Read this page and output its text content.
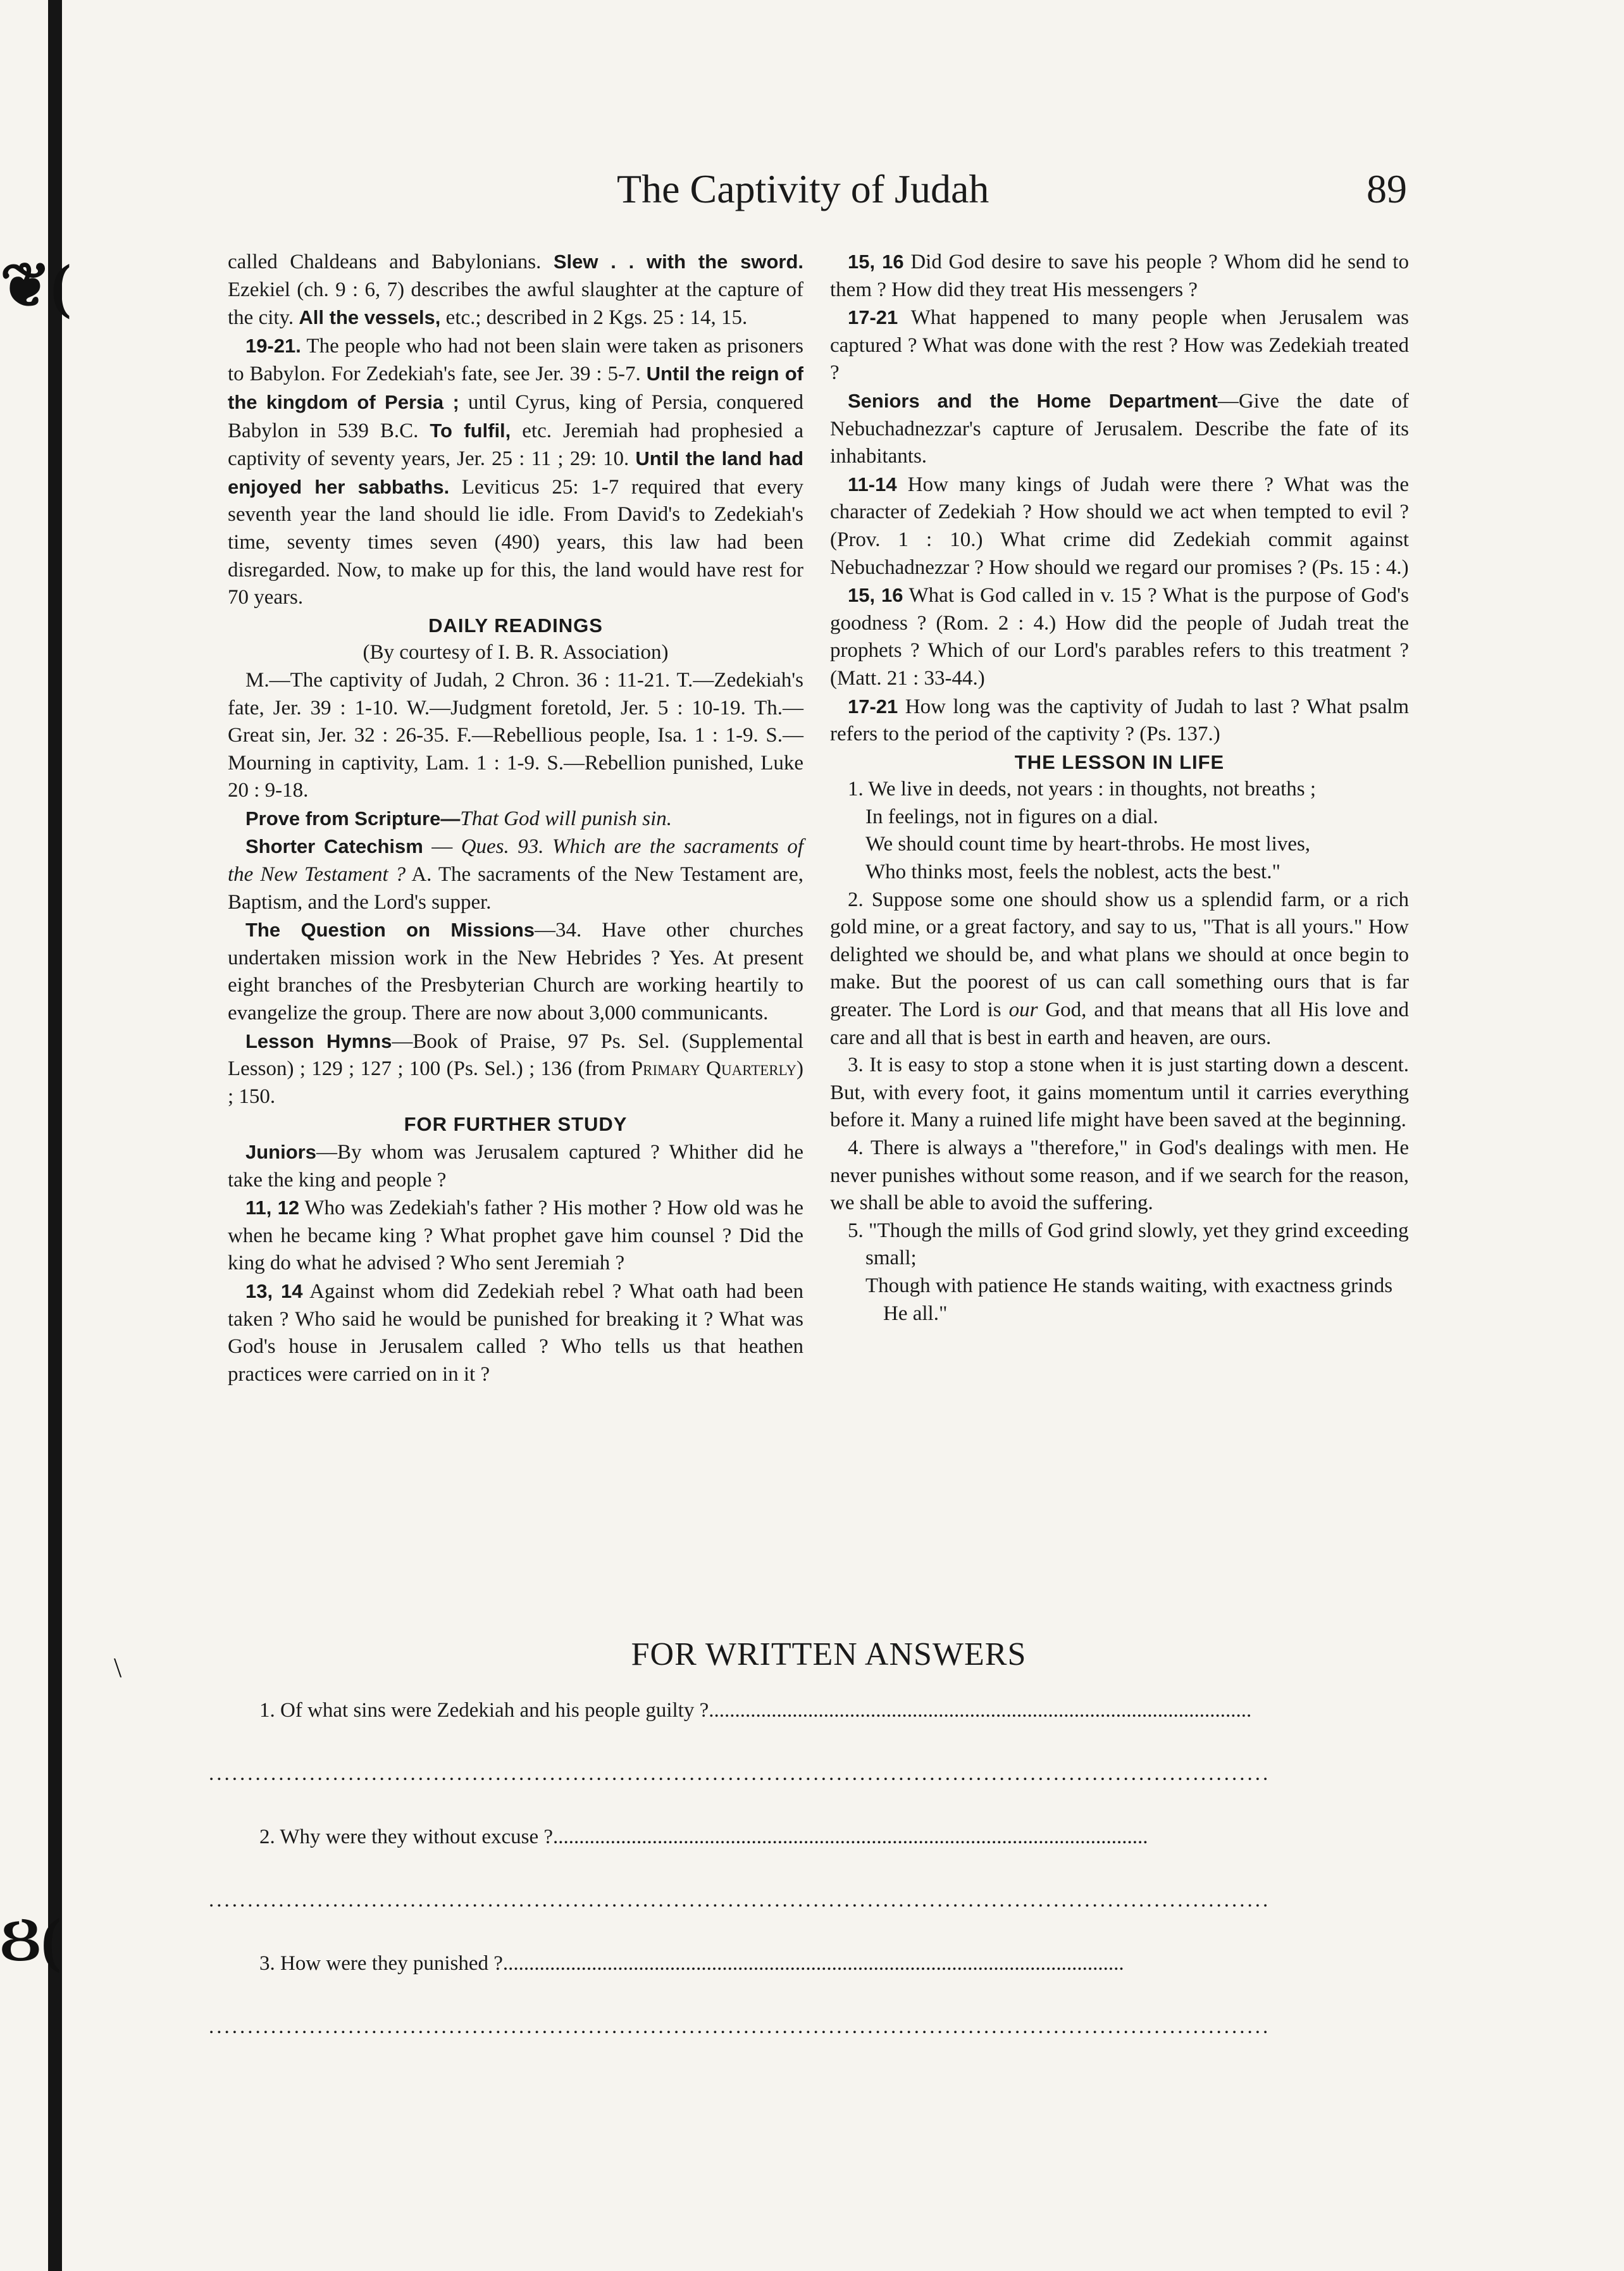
❦(
Ȣ(
\
The Captivity of Judah	89

called Chaldeans and Babylonians. Slew . . with the sword. Ezekiel (ch. 9 : 6, 7) describes the awful slaughter at the capture of the city. All the vessels, etc.; described in 2 Kgs. 25 : 14, 15.

19-21. The people who had not been slain were taken as prisoners to Babylon. For Zedekiah's fate, see Jer. 39 : 5-7. Until the reign of the kingdom of Persia ; until Cyrus, king of Persia, conquered Babylon in 539 B.C. To fulfil, etc. Jeremiah had prophesied a captivity of seventy years, Jer. 25 : 11 ; 29: 10. Until the land had enjoyed her sabbaths. Leviticus 25: 1-7 required that every seventh year the land should lie idle. From David's to Zedekiah's time, seventy times seven (490) years, this law had been disregarded. Now, to make up for this, the land would have rest for 70 years.

DAILY READINGS

(By courtesy of I. B. R. Association)

M.—The captivity of Judah, 2 Chron. 36 : 11-21. T.—Zedekiah's fate, Jer. 39 : 1-10. W.—Judgment foretold, Jer. 5 : 10-19. Th.—Great sin, Jer. 32 : 26-35. F.—Rebellious people, Isa. 1 : 1-9. S.—Mourning in captivity, Lam. 1 : 1-9. S.—Rebellion punished, Luke 20 : 9-18.

Prove from Scripture—That God will punish sin.

Shorter Catechism — Ques. 93. Which are the sacraments of the New Testament ? A. The sacraments of the New Testament are, Baptism, and the Lord's supper.

The Question on Missions—34. Have other churches undertaken mission work in the New Hebrides ? Yes. At present eight branches of the Presbyterian Church are working heartily to evangelize the group. There are now about 3,000 communicants.

Lesson Hymns—Book of Praise, 97 Ps. Sel. (Supplemental Lesson) ; 129 ; 127 ; 100 (Ps. Sel.) ; 136 (from Primary Quarterly) ; 150.

FOR FURTHER STUDY

Juniors—By whom was Jerusalem captured ? Whither did he take the king and people ?

11, 12 Who was Zedekiah's father ? His mother ? How old was he when he became king ? What prophet gave him counsel ? Did the king do what he advised ? Who sent Jeremiah ?

13, 14 Against whom did Zedekiah rebel ? What oath had been taken ? Who said he would be punished for breaking it ? What was God's house in Jerusalem called ? Who tells us that heathen practices were carried on in it ?

15, 16 Did God desire to save his people ? Whom did he send to them ? How did they treat His messengers ?

17-21 What happened to many people when Jerusalem was captured ? What was done with the rest ? How was Zedekiah treated ?

Seniors and the Home Department—Give the date of Nebuchadnezzar's capture of Jerusalem. Describe the fate of its inhabitants.

11-14 How many kings of Judah were there ? What was the character of Zedekiah ? How should we act when tempted to evil ? (Prov. 1 : 10.) What crime did Zedekiah commit against Nebuchadnezzar ? How should we regard our promises ? (Ps. 15 : 4.)

15, 16 What is God called in v. 15 ? What is the purpose of God's goodness ? (Rom. 2 : 4.) How did the people of Judah treat the prophets ? Which of our Lord's parables refers to this treatment ? (Matt. 21 : 33-44.)

17-21 How long was the captivity of Judah to last ? What psalm refers to the period of the captivity ? (Ps. 137.)

THE LESSON IN LIFE

1. We live in deeds, not years : in thoughts, not breaths ;
In feelings, not in figures on a dial.
We should count time by heart-throbs. He most lives,
Who thinks most, feels the noblest, acts the best."

2. Suppose some one should show us a splendid farm, or a rich gold mine, or a great factory, and say to us, "That is all yours." How delighted we should be, and what plans we should at once begin to make. But the poorest of us can call something ours that is far greater. The Lord is our God, and that means that all His love and care and all that is best in earth and heaven, are ours.

3. It is easy to stop a stone when it is just starting down a descent. But, with every foot, it gains momentum until it carries everything before it. Many a ruined life might have been saved at the beginning.

4. There is always a "therefore," in God's dealings with men. He never punishes without some reason, and if we search for the reason, we shall be able to avoid the suffering.

5. "Though the mills of God grind slowly, yet they grind exceeding small;
Though with patience He stands waiting, with exactness grinds He all."
FOR WRITTEN ANSWERS
1. Of what sins were Zedekiah and his people guilty ?........................................................................................................
.........................................................................................................................................
2. Why were they without excuse ?..................................................................................................................
.........................................................................................................................................
3. How were they punished ?.......................................................................................................................
.........................................................................................................................................
